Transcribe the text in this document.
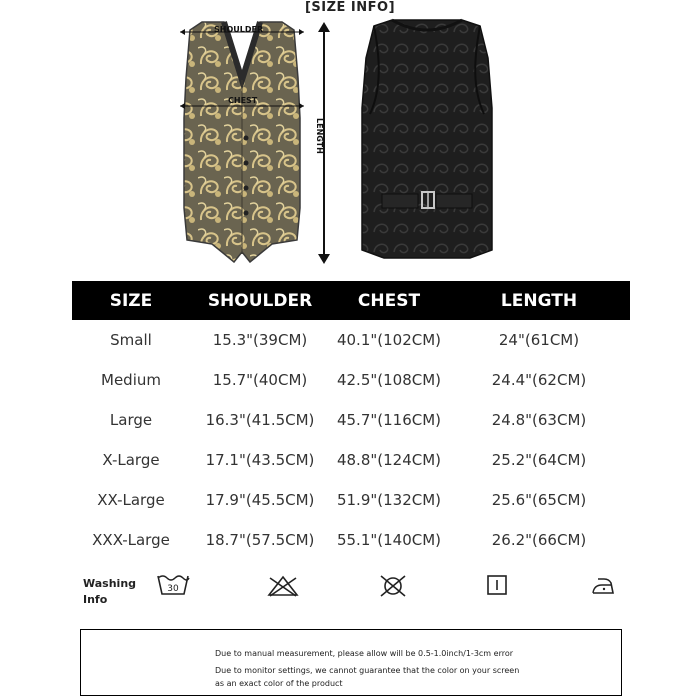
[SIZE INFO]
SHOULDER
CHEST
LENGTH
SIZE	SHOULDER	CHEST	LENGTH
Small	15.3"(39CM)	40.1"(102CM)	24"(61CM)
Medium	15.7"(40CM)	42.5"(108CM)	24.4"(62CM)
Large	16.3"(41.5CM)	45.7"(116CM)	24.8"(63CM)
X-Large	17.1"(43.5CM)	48.8"(124CM)	25.2"(64CM)
XX-Large	17.9"(45.5CM)	51.9"(132CM)	25.6"(65CM)
XXX-Large	18.7"(57.5CM)	55.1"(140CM)	26.2"(66CM)
Washing
Info
30
Due to manual measurement, please allow will be 0.5-1.0inch/1-3cm error
Due to monitor settings, we cannot guarantee that the color on your screen
as an exact color of the product
